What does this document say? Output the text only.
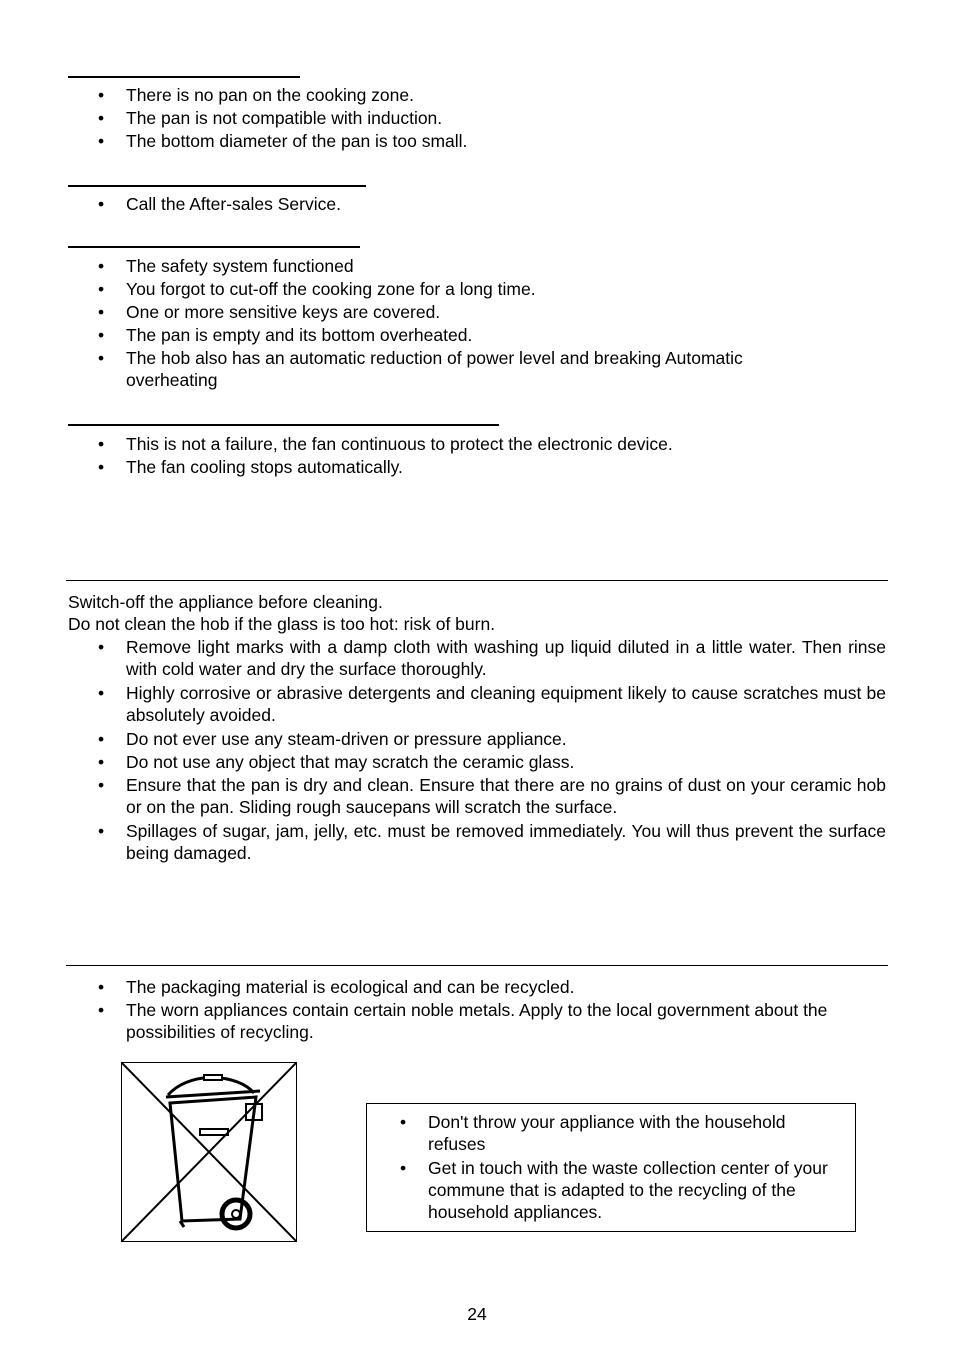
• There is no pan on the cooking zone.
• The pan is not compatible with induction.
• The bottom diameter of the pan is too small.
• Call the After-sales Service.
• The safety system functioned
• You forgot to cut-off the cooking zone for a long time.
• One or more sensitive keys are covered.
• The pan is empty and its bottom overheated.
• The hob also has an automatic reduction of power level and breaking Automatic overheating
• This is not a failure, the fan continuous to protect the electronic device.
• The fan cooling stops automatically.
Switch-off the appliance before cleaning.
Do not clean the hob if the glass is too hot: risk of burn.
• Remove light marks with a damp cloth with washing up liquid diluted in a little water. Then rinse with cold water and dry the surface thoroughly.
• Highly corrosive or abrasive detergents and cleaning equipment likely to cause scratches must be absolutely avoided.
• Do not ever use any steam-driven or pressure appliance.
• Do not use any object that may scratch the ceramic glass.
• Ensure that the pan is dry and clean. Ensure that there are no grains of dust on your ceramic hob or on the pan. Sliding rough saucepans will scratch the surface.
• Spillages of sugar, jam, jelly, etc. must be removed immediately. You will thus prevent the surface being damaged.
• The packaging material is ecological and can be recycled.
• The worn appliances contain certain noble metals. Apply to the local government about the possibilities of recycling.
• Don't throw your appliance with the household refuses
• Get in touch with the waste collection center of your commune that is adapted to the recycling of the household appliances.
24
